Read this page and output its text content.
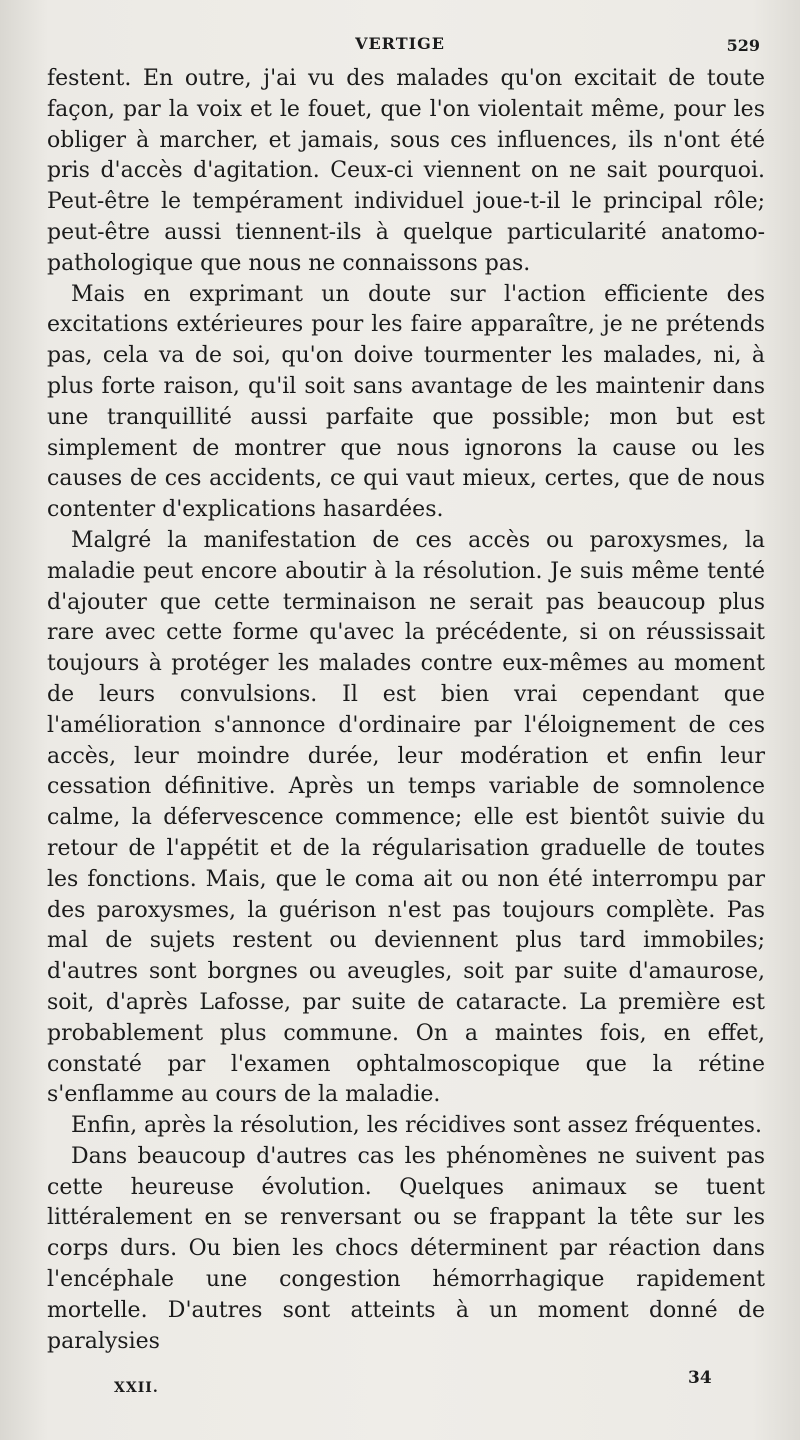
VERTIGE	529

festent. En outre, j'ai vu des malades qu'on excitait de toute façon, par la voix et le fouet, que l'on violentait même, pour les obliger à marcher, et jamais, sous ces influences, ils n'ont été pris d'accès d'agitation. Ceux-ci viennent on ne sait pourquoi. Peut-être le tempérament individuel joue-t-il le principal rôle; peut-être aussi tiennent-ils à quelque particularité anatomo-pathologique que nous ne connaissons pas.

Mais en exprimant un doute sur l'action efficiente des excitations extérieures pour les faire apparaître, je ne prétends pas, cela va de soi, qu'on doive tourmenter les malades, ni, à plus forte raison, qu'il soit sans avantage de les maintenir dans une tranquillité aussi parfaite que possible; mon but est simplement de montrer que nous ignorons la cause ou les causes de ces accidents, ce qui vaut mieux, certes, que de nous contenter d'explications hasardées.

Malgré la manifestation de ces accès ou paroxysmes, la maladie peut encore aboutir à la résolution. Je suis même tenté d'ajouter que cette terminaison ne serait pas beaucoup plus rare avec cette forme qu'avec la précédente, si on réussissait toujours à protéger les malades contre eux-mêmes au moment de leurs convulsions. Il est bien vrai cependant que l'amélioration s'annonce d'ordinaire par l'éloignement de ces accès, leur moindre durée, leur modération et enfin leur cessation définitive. Après un temps variable de somnolence calme, la défervescence commence; elle est bientôt suivie du retour de l'appétit et de la régularisation graduelle de toutes les fonctions. Mais, que le coma ait ou non été interrompu par des paroxysmes, la guérison n'est pas toujours complète. Pas mal de sujets restent ou deviennent plus tard immobiles; d'autres sont borgnes ou aveugles, soit par suite d'amaurose, soit, d'après Lafosse, par suite de cataracte. La première est probablement plus commune. On a maintes fois, en effet, constaté par l'examen ophtalmoscopique que la rétine s'enflamme au cours de la maladie.

Enfin, après la résolution, les récidives sont assez fréquentes.

Dans beaucoup d'autres cas les phénomènes ne suivent pas cette heureuse évolution. Quelques animaux se tuent littéralement en se renversant ou se frappant la tête sur les corps durs. Ou bien les chocs déterminent par réaction dans l'encéphale une congestion hémorrhagique rapidement mortelle. D'autres sont atteints à un moment donné de paralysies

XXII.	34
